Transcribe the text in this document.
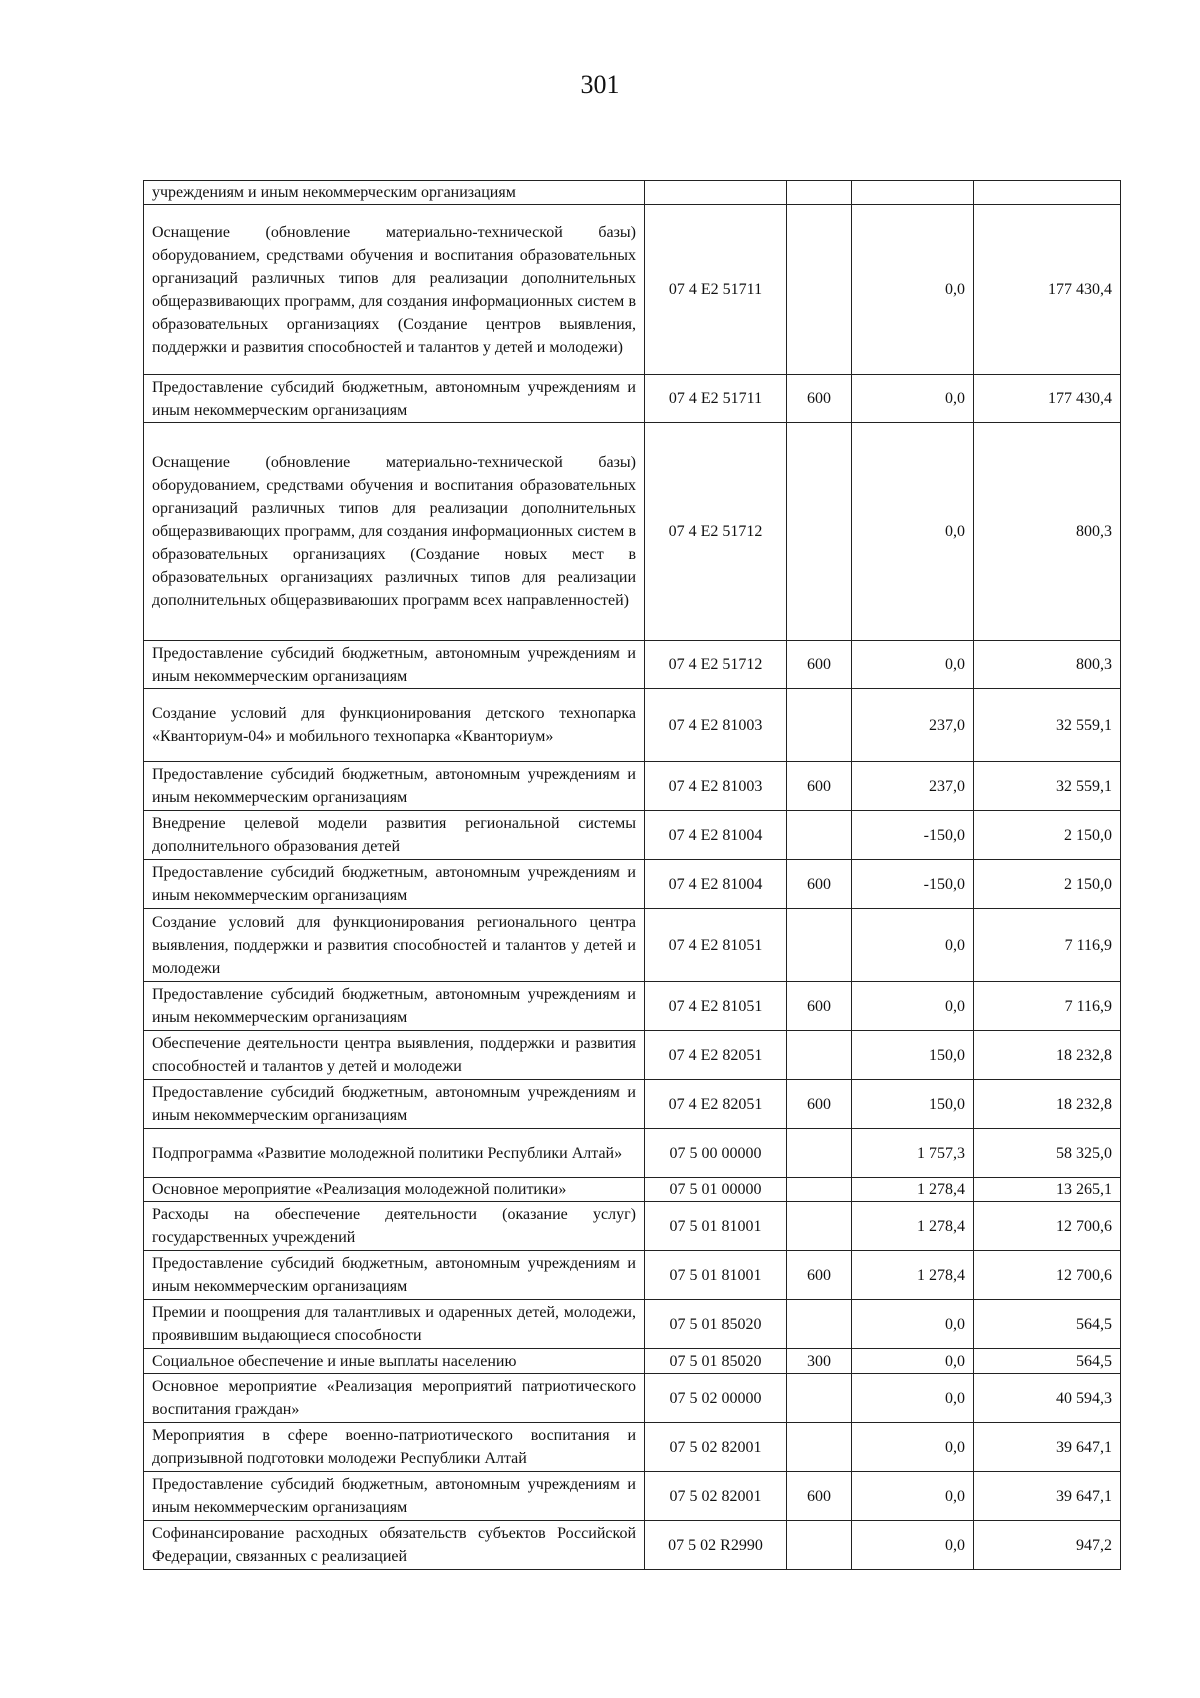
301
учреждениям и иным некоммерческим организациям				
Оснащение (обновление материально-технической базы) оборудованием, средствами обучения и воспитания образовательных организаций различных типов для реализации дополнительных общеразвивающих программ, для создания информационных систем в образовательных организациях (Создание центров выявления, поддержки и развития способностей и талантов у детей и молодежи)	07 4 E2 51711		0,0	177 430,4
Предоставление субсидий бюджетным, автономным учреждениям и иным некоммерческим организациям	07 4 E2 51711	600	0,0	177 430,4
Оснащение (обновление материально-технической базы) оборудованием, средствами обучения и воспитания образовательных организаций различных типов для реализации дополнительных общеразвивающих программ, для создания информационных систем в образовательных организациях (Создание новых мест в образовательных организациях различных типов для реализации дополнительных общеразвиваюших программ всех направленностей)	07 4 E2 51712		0,0	800,3
Предоставление субсидий бюджетным, автономным учреждениям и иным некоммерческим организациям	07 4 E2 51712	600	0,0	800,3
Создание условий для функционирования детского технопарка «Кванториум-04» и мобильного технопарка «Кванториум»	07 4 E2 81003		237,0	32 559,1
Предоставление субсидий бюджетным, автономным учреждениям и иным некоммерческим организациям	07 4 E2 81003	600	237,0	32 559,1
Внедрение целевой модели развития региональной системы дополнительного образования детей	07 4 E2 81004		-150,0	2 150,0
Предоставление субсидий бюджетным, автономным учреждениям и иным некоммерческим организациям	07 4 E2 81004	600	-150,0	2 150,0
Создание условий для функционирования регионального центра выявления, поддержки и развития способностей и талантов у детей и молодежи	07 4 E2 81051		0,0	7 116,9
Предоставление субсидий бюджетным, автономным учреждениям и иным некоммерческим организациям	07 4 E2 81051	600	0,0	7 116,9
Обеспечение деятельности центра выявления, поддержки и развития способностей и талантов у детей и молодежи	07 4 E2 82051		150,0	18 232,8
Предоставление субсидий бюджетным, автономным учреждениям и иным некоммерческим организациям	07 4 E2 82051	600	150,0	18 232,8
Подпрограмма «Развитие молодежной политики Республики Алтай»	07 5 00 00000		1 757,3	58 325,0
Основное мероприятие «Реализация молодежной политики»	07 5 01 00000		1 278,4	13 265,1
Расходы на обеспечение деятельности (оказание услуг) государственных учреждений	07 5 01 81001		1 278,4	12 700,6
Предоставление субсидий бюджетным, автономным учреждениям и иным некоммерческим организациям	07 5 01 81001	600	1 278,4	12 700,6
Премии и поощрения для талантливых и одаренных детей, молодежи, проявившим выдающиеся способности	07 5 01 85020		0,0	564,5
Социальное обеспечение и иные выплаты населению	07 5 01 85020	300	0,0	564,5
Основное мероприятие «Реализация мероприятий патриотического воспитания граждан»	07 5 02 00000		0,0	40 594,3
Мероприятия в сфере военно-патриотического воспитания и допризывной подготовки молодежи Республики Алтай	07 5 02 82001		0,0	39 647,1
Предоставление субсидий бюджетным, автономным учреждениям и иным некоммерческим организациям	07 5 02 82001	600	0,0	39 647,1
Софинансирование расходных обязательств субъектов Российской Федерации, связанных с реализацией	07 5 02 R2990		0,0	947,2
